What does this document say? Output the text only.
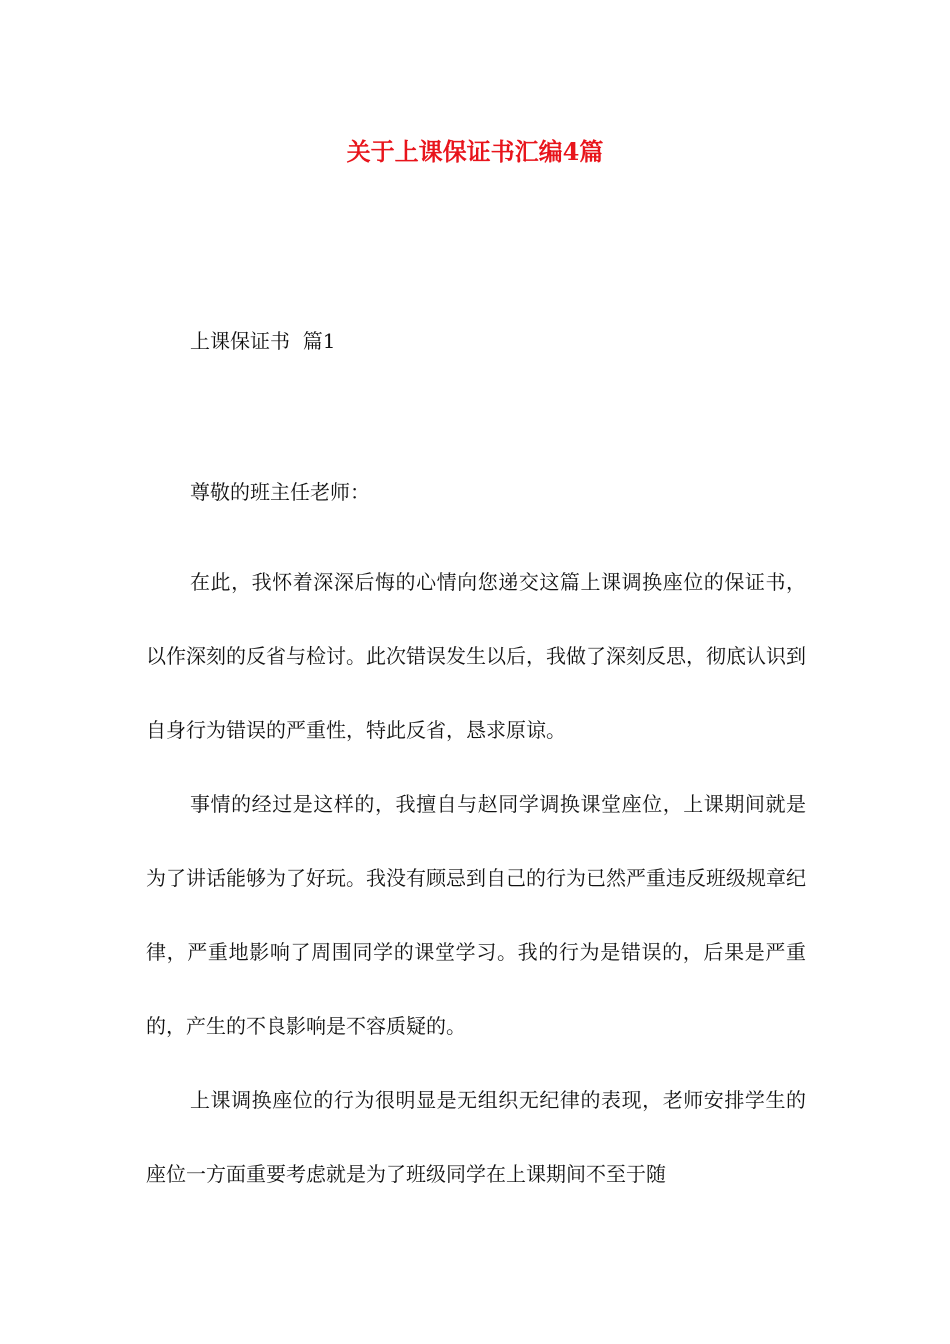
关于上课保证书汇编4篇

上课保证书  篇1

尊敬的班主任老师：

在此，我怀着深深后悔的心情向您递交这篇上课调换座位的保证书，以作深刻的反省与检讨。此次错误发生以后，我做了深刻反思，彻底认识到自身行为错误的严重性，特此反省，恳求原谅。

事情的经过是这样的，我擅自与赵同学调换课堂座位，上课期间就是为了讲话能够为了好玩。我没有顾忌到自己的行为已然严重违反班级规章纪律，严重地影响了周围同学的课堂学习。我的行为是错误的，后果是严重的，产生的不良影响是不容质疑的。

上课调换座位的行为很明显是无组织无纪律的表现，老师安排学生的座位一方面重要考虑就是为了班级同学在上课期间不至于随
